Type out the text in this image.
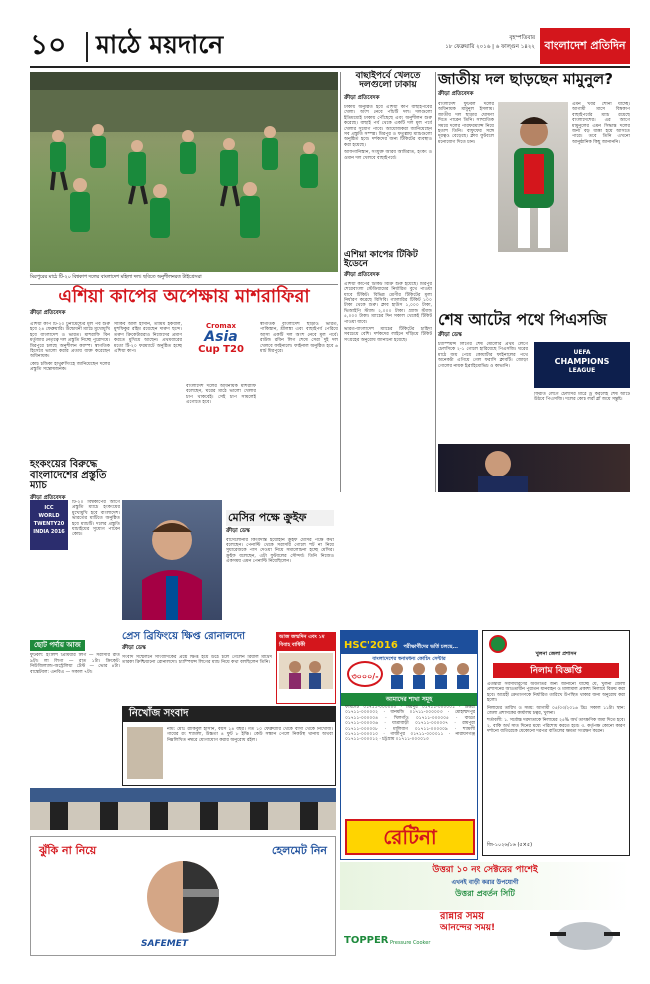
১০ মাঠে ময়দানে	বৃহস্পতিবার
১৮ ফেব্রুয়ারি ২০১৬ | ৬ ফাল্গুন ১৪২২ বাংলাদেশ প্রতিদিন
মিরপুরের মাঠে টি-২০ বিশ্বকাপ দলের বাংলাদেশ মহিলা দল। ছবিতে অনুশীলনরত টাইগ্রেসরা
বাছাইপর্বে খেলতে
দলগুলো ঢাকায়
ক্রীড়া প্রতিবেদক

ঢাকায় অনুষ্ঠিত হবে এশিয়া কাপ বাছাইপর্বের খেলা। অংশ নেবে পাঁচটি দল। দলগুলো ইতিমধ্যেই ঢাকায় পৌঁছেছে এবং অনুশীলন শুরু করেছে। বাছাই পর্ব থেকে একটি দল মূল পর্বে খেলার সুযোগ পাবে। আয়োজকরা জানিয়েছেন সব প্রস্তুতি সম্পন্ন। মিরপুর ও ফতুল্লায় ম্যাচগুলো অনুষ্ঠিত হবে। দর্শকদের জন্য টিকিটের ব্যবস্থাও করা হয়েছে।

আফগানিস্তান, সংযুক্ত আরব আমিরাত, হংকং ও ওমান দল খেলবে বাছাইপর্বে।

এশিয়া কাপের টিকিট ইডেনে
ক্রীড়া প্রতিবেদক

এশিয়া কাপের টিকিট বিক্রি শুরু হয়েছে। মিরপুর শেরেবাংলা স্টেডিয়ামের নির্ধারিত বুথে পাওয়া যাবে টিকিট। বিভিন্ন শ্রেণীর টিকিটের মূল্য নির্ধারণ করেছে বিসিবি। গ্যালারির টিকিট ১০০ টাকা থেকে শুরু। ক্লাব হাউস ১,০০০ টাকা, ভিআইপি স্ট্যান্ড ২,০০০ টাকা। গ্র্যান্ড স্ট্যান্ড ৫,০০০ টাকা। ম্যাচের দিন সকাল থেকেই টিকিট পাওয়া যাবে।

ভারত-বাংলাদেশ ম্যাচের টিকিটের চাহিদা সবচেয়ে বেশি। দর্শকদের লাইনে দাঁড়িয়ে টিকিট সংগ্রহের অনুরোধ জানানো হয়েছে।

জাতীয় দল ছাড়ছেন মামুনুল?
ক্রীড়া প্রতিবেদক

বাংলাদেশ ফুটবল দলের অধিনায়ক মামুনুল ইসলাম। জাতীয় দল ছাড়ার ঘোষণা দিতে পারেন তিনি। সাম্প্রতিক সময়ে দলের পারফরম্যান্স নিয়ে হতাশ তিনি। বাফুফের সঙ্গে দূরত্বও বেড়েছে। ক্লাব ফুটবলে মনোযোগ দিতে চান।

এমন খবর শোনা যাচ্ছে। আগামী মাসে বিশ্বকাপ বাছাইপর্বের ম্যাচ রয়েছে বাংলাদেশের। এর আগে মামুনুলের এমন সিদ্ধান্ত দলের জন্য বড় ধাক্কা হয়ে আসতে পারে। তবে তিনি এখনো আনুষ্ঠানিক কিছু জানাননি।

এশিয়া কাপের অপেক্ষায় মাশরাফিরা
ক্রীড়া প্রতিবেদক

এশিয়া কাপ টি-২০ টুর্নামেন্টের মূল পর্ব শুরু হবে ২৪ ফেব্রুয়ারি। উদ্বোধনী ম্যাচে মুখোমুখি হবে বাংলাদেশ ও ভারত। মাশরাফি বিন মর্তুজার নেতৃত্বে দল প্রস্তুতি নিচ্ছে পুরোদমে। মিরপুরে চলছে অনুশীলন ক্যাম্প। স্বাগতিক হিসেবে ভালো করার প্রত্যয় ব্যক্ত করেছেন অধিনায়ক।

কোচ চন্ডিকা হাথুরুসিংহে জানিয়েছেন দলের প্রস্তুতি সন্তোষজনক।

সাকিব আল হাসান, তামিম ইকবাল, মুশফিকুর রহিম রয়েছেন দারুণ ছন্দে। তরুণ ক্রিকেটাররাও নিজেদের প্রমাণ করতে মুখিয়ে আছেন। প্রথমবারের মতো টি-২০ ফরম্যাটে অনুষ্ঠিত হচ্ছে এশিয়া কাপ।

Cromax
Asia
Cup T20

বাংলাদেশ দলের অধিনায়ক মাশরাফি বলেছেন, ঘরের মাঠে ভালো খেলার চাপ থাকবেই। সেই চাপ সামলেই এগোতে হবে।

স্বাগতিক বাংলাদেশ ছাড়াও ভারত, পাকিস্তান, শ্রীলঙ্কা এবং বাছাইপর্ব পেরিয়ে আসা একটি দল অংশ নেবে মূল পর্বে। রাউন্ড রবিন লিগ শেষে সেরা দুই দল খেলবে ফাইনালে। ফাইনাল অনুষ্ঠিত হবে ৬ মার্চ মিরপুরে।

শেষ আটের পথে পিএসজি
ক্রীড়া ডেস্ক

চ্যাম্পিয়ন্স লিগের শেষ ষোলোর প্রথম লেগে চেলসিকে ২-১ গোলে হারিয়েছে পিএসজি। ঘরের মাঠে জয় পেয়ে কোয়ার্টার ফাইনালের পথে অনেকটা এগিয়ে গেল ফরাসি ক্লাবটি। জোড়া গোলের নায়ক ইব্রাহিমোভিচ ও কাভানি।

UEFA
CHAMPIONS
LEAGUE

ফিরতি লেগে চেলসির মাঠে ড্র করলেই শেষ আটে উঠবে পিএসজি। দলের কোচ লরাঁ ব্লাঁ জয়ে সন্তুষ্ট।

হংকংয়ের বিরুদ্ধে বাংলাদেশের প্রস্তুতি ম্যাচ
ক্রীড়া প্রতিবেদক
ICC
WORLD
TWENTY20
INDIA 2016

টি-২০ বিশ্বকাপের আগে প্রস্তুতি ম্যাচে হংকংয়ের মুখোমুখি হবে বাংলাদেশ। ভারতের মাটিতে অনুষ্ঠিত হবে ম্যাচটি। দলের প্রস্তুতি যাচাইয়ের সুযোগ পাবেন কোচ।

মেসির পক্ষে ক্রুইফ
ক্রীড়া ডেস্ক

বার্সেলোনার কিংবদন্তি ইয়োহান ক্রুইফ মেসির পক্ষে কথা বলেছেন। পেনাল্টি থেকে সরাসরি গোলে শট না নিয়ে সুয়ারেজকে পাস দেওয়া নিয়ে সমালোচনা হচ্ছে মেসির। ক্রুইফ বলেছেন, এটা ফুটবলের সৌন্দর্য। তিনি নিজেও একসময় এমন পেনাল্টি নিয়েছিলেন।

ছোট পর্দায় আজ

ফুটবল: ইংলিশ প্রিমিয়ার লিগ — সরাসরি রাত ৯টা। লা লিগা — রাত ১টা। ক্রিকেট: নিউজিল্যান্ড-অস্ট্রেলিয়া টেস্ট — ভোর ৪টা। বাস্কেটবল: এনবিএ — সকাল ৭টা।

প্রেস ব্রিফিংয়ে ক্ষিপ্ত রোনালদো
ক্রীড়া ডেস্ক

সংবাদ সম্মেলনে সাংবাদিকের প্রশ্নে ক্ষিপ্ত হয়ে উঠে চলে গেলেন রিয়াল মাদ্রিদ তারকা ক্রিশ্চিয়ানো রোনালদো। চ্যাম্পিয়ন্স লিগের ম্যাচ নিয়ে কথা বলছিলেন তিনি।

আজ জন্মদিন এবং ১ম বিবাহ বার্ষিকী
নিখোঁজ সংবাদ

নাম: মোঃ রাকিবুল হাসান, বয়স ১৪ বছর। গত ১০ ফেব্রুয়ারি থেকে বাসা থেকে নিখোঁজ। গায়ের রং শ্যামলা, উচ্চতা ৪ ফুট ৮ ইঞ্চি। কেউ সন্ধান পেলে নিকটস্থ থানায় অথবা নিম্নলিখিত নম্বরে যোগাযোগ করার অনুরোধ রইল।

HSC'2016 পরীক্ষার্থীদের ভর্তি চলছে...
বাংলাদেশের স্বনামধন্য কোচিং সেন্টার
৩০০০/-
আমাদের শাখা সমূহ

ফার্মগেট ০১৭১১-০০০০০০ · মিরপুর ০১৭১১-০০০০০১ · উত্তরা ০১৭১১-০০০০০২ · ধানমন্ডি ০১৭১১-০০০০০৩ · মোহাম্মদপুর ০১৭১১-০০০০০৪ · খিলগাঁও ০১৭১১-০০০০০৫ · বাড্ডা ০১৭১১-০০০০০৬ · যাত্রাবাড়ী ০১৭১১-০০০০০৭ · রামপুরা ০১৭১১-০০০০০৮ · মালিবাগ ০১৭১১-০০০০০৯ · শ্যামলী ০১৭১১-০০০০১০ · গাজীপুর ০১৭১১-০০০০১১ · নারায়ণগঞ্জ ০১৭১১-০০০০১২ · চট্টগ্রাম ০১৭১১-০০০০১৩

রেটিনা
খুলনা জেলা প্রশাসন
নিলাম বিজ্ঞপ্তি

এতদ্বারা সর্বসাধারণের অবগতির জন্য জানানো যাচ্ছে যে, খুলনা জেলা প্রশাসনের আওতাধীন পুরাতন যানবাহন ও মালামাল প্রকাশ্য নিলামে বিক্রয় করা হবে। আগ্রহী ক্রেতাগণকে নির্ধারিত তারিখে উপস্থিত থাকার জন্য অনুরোধ করা হলো।

নিলামের তারিখ ও সময়: আগামী ০৫/০৩/২০১৬ খ্রিঃ সকাল ১১টা। স্থান: জেলা প্রশাসকের কার্যালয় চত্বর, খুলনা।

শর্তাবলী: ১. সর্বোচ্চ দরদাতাকে নিলামের ২৫% অর্থ তাৎক্ষণিক জমা দিতে হবে। ২. বাকি অর্থ সাত দিনের মধ্যে পরিশোধ করতে হবে। ৩. কর্তৃপক্ষ কোনো কারণ দর্শানো ব্যতিরেকে যেকোনো দরপত্র বাতিলের ক্ষমতা সংরক্ষণ করেন।

জি-১০২৬/১৬ (৫×৫)
উত্তরা ১০ নং সেক্টরের পাশেই
এখনই বাড়ী করার উপযোগী
উত্তরা প্রবর্তন সিটি
ঝুঁকি না নিয়ে	হেলমেট নিন
SAFEMET
রান্নার সময়
আনন্দের সময়!
TOPPER Pressure Cooker
